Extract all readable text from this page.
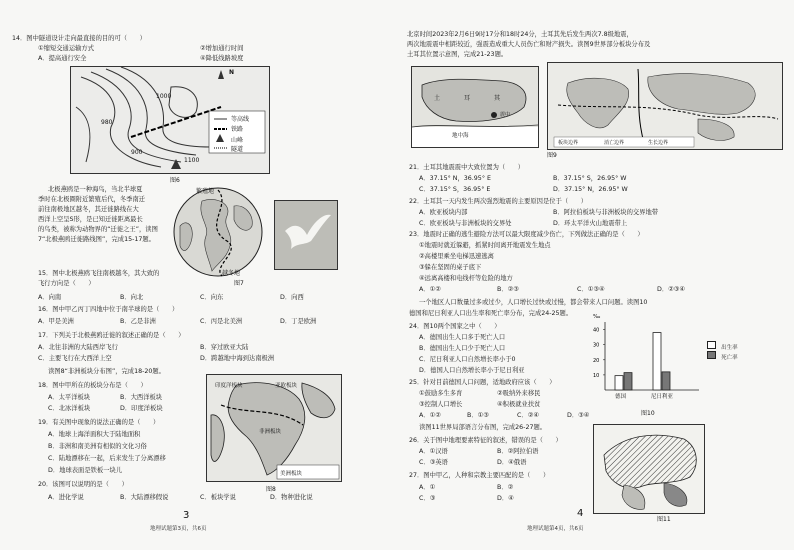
14．图中隧道设计走向最直接的目的可（　　）
①缩短交通运输方式	②增加通行时间
A．提高通行安全	④降低线路坡度
1000
980
900
1100
N
等高线
铁路
山峰
隧道
图6
北极燕鸥是一种海鸟，当北半球夏
季时在北极圈附近繁殖后代，冬季南迁
前往南极地区越冬，其迁徙路线在大
西洋上空呈S形，是已知迁徙距离最长
的鸟类，被称为动物界的“迁徙之王”，读图
7“北极燕鸥迁徙路线图”，完成15-17题。
繁殖地
越冬地
图7
15．图中北极燕鸥飞往南极越冬，其大致的
飞行方向是（　　）
A．向南	B．向北	C．向东	D．向西
16．图中甲乙丙丁四地中位于南半球的是（　　）
A．甲是美洲	B．乙是非洲	C．丙是北美洲	D．丁是欧洲
17．下列关于北极燕鸥迁徙的叙述正确的是（　　）
A．北往非洲的大陆西岸飞行	B．穿过欧亚大陆
C．主要飞行在大西洋上空	D．跨越地中海到达南极洲
读图8“非洲板块分布图”，完成18-20题。
18．图中甲所在的板块分布是（　　）
A．太平洋板块	B．大西洋板块
C．北冰洋板块	D．印度洋板块
19．有关图中现象的说法正确的是（　　）
A．地球上海洋面积大于陆地面积
B．非洲和南美洲有相似的文化习俗
C．陆地漂移在一起，后来发生了分离漂移
D．地球表面是铁板一块儿
印度洋板块	亚欧板块
非洲板块
美洲板块
图8
20．该图可以说明的是（　　）
A．进化学说	B．大陆漂移假说	C．板块学说	D．物种进化说
3
地理试题第3页，共6页
北京时间2023年2月6日9时17分和18时24分，土耳其先后发生两次7.8级地震，
两次地震震中相距较近，强震造成重大人员伤亡和财产损失。读图9世界部分板块分布及
土耳其位置示意图，完成21-23题。
土	耳	其
地中海
震中
板块边界	消亡边界	生长边界
图9
21．土耳其地震震中大致位置为（　　）
A．37.15° N，36.95° E	B．37.15° S，26.95° W
C．37.15° S，36.95° E	D．37.15° N，26.95° W
22．土耳其一天内发生两次强烈地震的主要原因是位于（　　）
A．欧亚板块内部	B．阿拉伯板块与非洲板块的交界地带
C．欧亚板块与非洲板块的交界处	D．环太平洋火山地震带上
23．地震时正确的逃生避险方法可以最大限度减少伤亡，下列做法正确的是（　　）
①地震时就近躲避，抓紧时间离开地震发生地点
②高楼里乘坐电梯迅速逃离
③躲在坚固的桌子底下
④远离高楼和电线杆等危险的地方
A．①②	B．②③	C．①③④	D．②③④
一个地区人口数量过多或过少，人口增长过快或过慢，都会带来人口问题。读图10
德国和尼日利亚人口出生率和死亡率分布，完成24-25题。
24．图10两个国家之中（　　）
A．德国出生人口多于死亡人口
B．德国出生人口少于死亡人口
C．尼日利亚人口自然增长率小于0
D．德国人口自然增长率小于尼日利亚
25．针对目前德国人口问题，适地政府应该（　　）
①鼓励多生多育	②吸纳外来移民
③控制人口增长	④积极就业扶贫
A．①②	B．①③	C．②④	D．③④
10
20
30
40
德国	尼日利亚
‰
出生率
死亡率
图10
读图11世界局部语言分布图，完成26-27题。
26．关于图中地理要素特征的叙述，错误的是（　　）
A．①汉语	B．②阿拉伯语
C．③英语	D．④俄语
27．图中甲乙，人种和宗教主要匹配的是（　　）
A．①	B．②
C．③	D．④
图11
4
地理试题第4页，共6页
